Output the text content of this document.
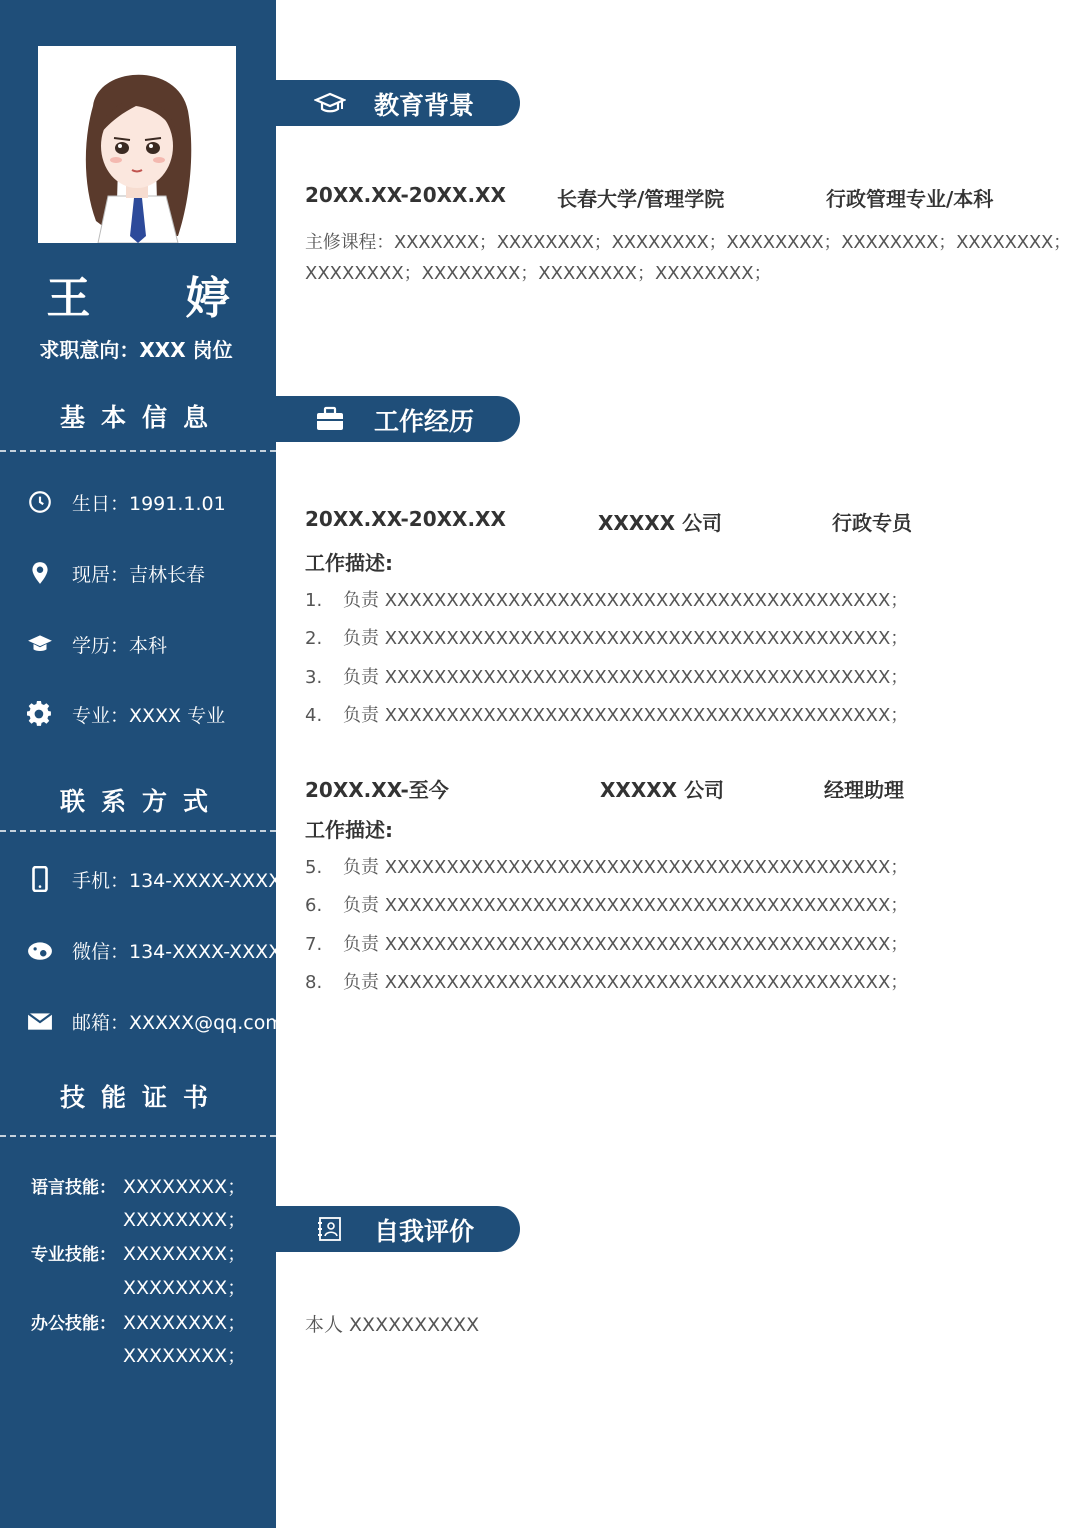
王 婷
求职意向：XXX 岗位
基本信息
生日：1991.1.01
现居：吉林长春
学历：本科
专业：XXXX 专业
联系方式
手机：134-XXXX-XXXX
微信：134-XXXX-XXXX
邮箱：XXXXX@qq.com
技能证书
语言技能： XXXXXXXX；
XXXXXXXX；
专业技能： XXXXXXXX；
XXXXXXXX；
办公技能： XXXXXXXX；
XXXXXXXX；
教育背景
20XX.XX-20XX.XX	长春大学/管理学院	行政管理专业/本科
主修课程：XXXXXXX；XXXXXXXX；XXXXXXXX；XXXXXXXX；XXXXXXXX；XXXXXXXX；
XXXXXXXX；XXXXXXXX；XXXXXXXX；XXXXXXXX；
工作经历
20XX.XX-20XX.XX	XXXXX 公司	行政专员
工作描述:
1. 负责 XXXXXXXXXXXXXXXXXXXXXXXXXXXXXXXXXXXXXXXXX；
2. 负责 XXXXXXXXXXXXXXXXXXXXXXXXXXXXXXXXXXXXXXXXX；
3. 负责 XXXXXXXXXXXXXXXXXXXXXXXXXXXXXXXXXXXXXXXXX；
4. 负责 XXXXXXXXXXXXXXXXXXXXXXXXXXXXXXXXXXXXXXXXX；
20XX.XX-至今	XXXXX 公司	经理助理
工作描述:
5. 负责 XXXXXXXXXXXXXXXXXXXXXXXXXXXXXXXXXXXXXXXXX；
6. 负责 XXXXXXXXXXXXXXXXXXXXXXXXXXXXXXXXXXXXXXXXX；
7. 负责 XXXXXXXXXXXXXXXXXXXXXXXXXXXXXXXXXXXXXXXXX；
8. 负责 XXXXXXXXXXXXXXXXXXXXXXXXXXXXXXXXXXXXXXXXX；
自我评价
本人 XXXXXXXXXX
